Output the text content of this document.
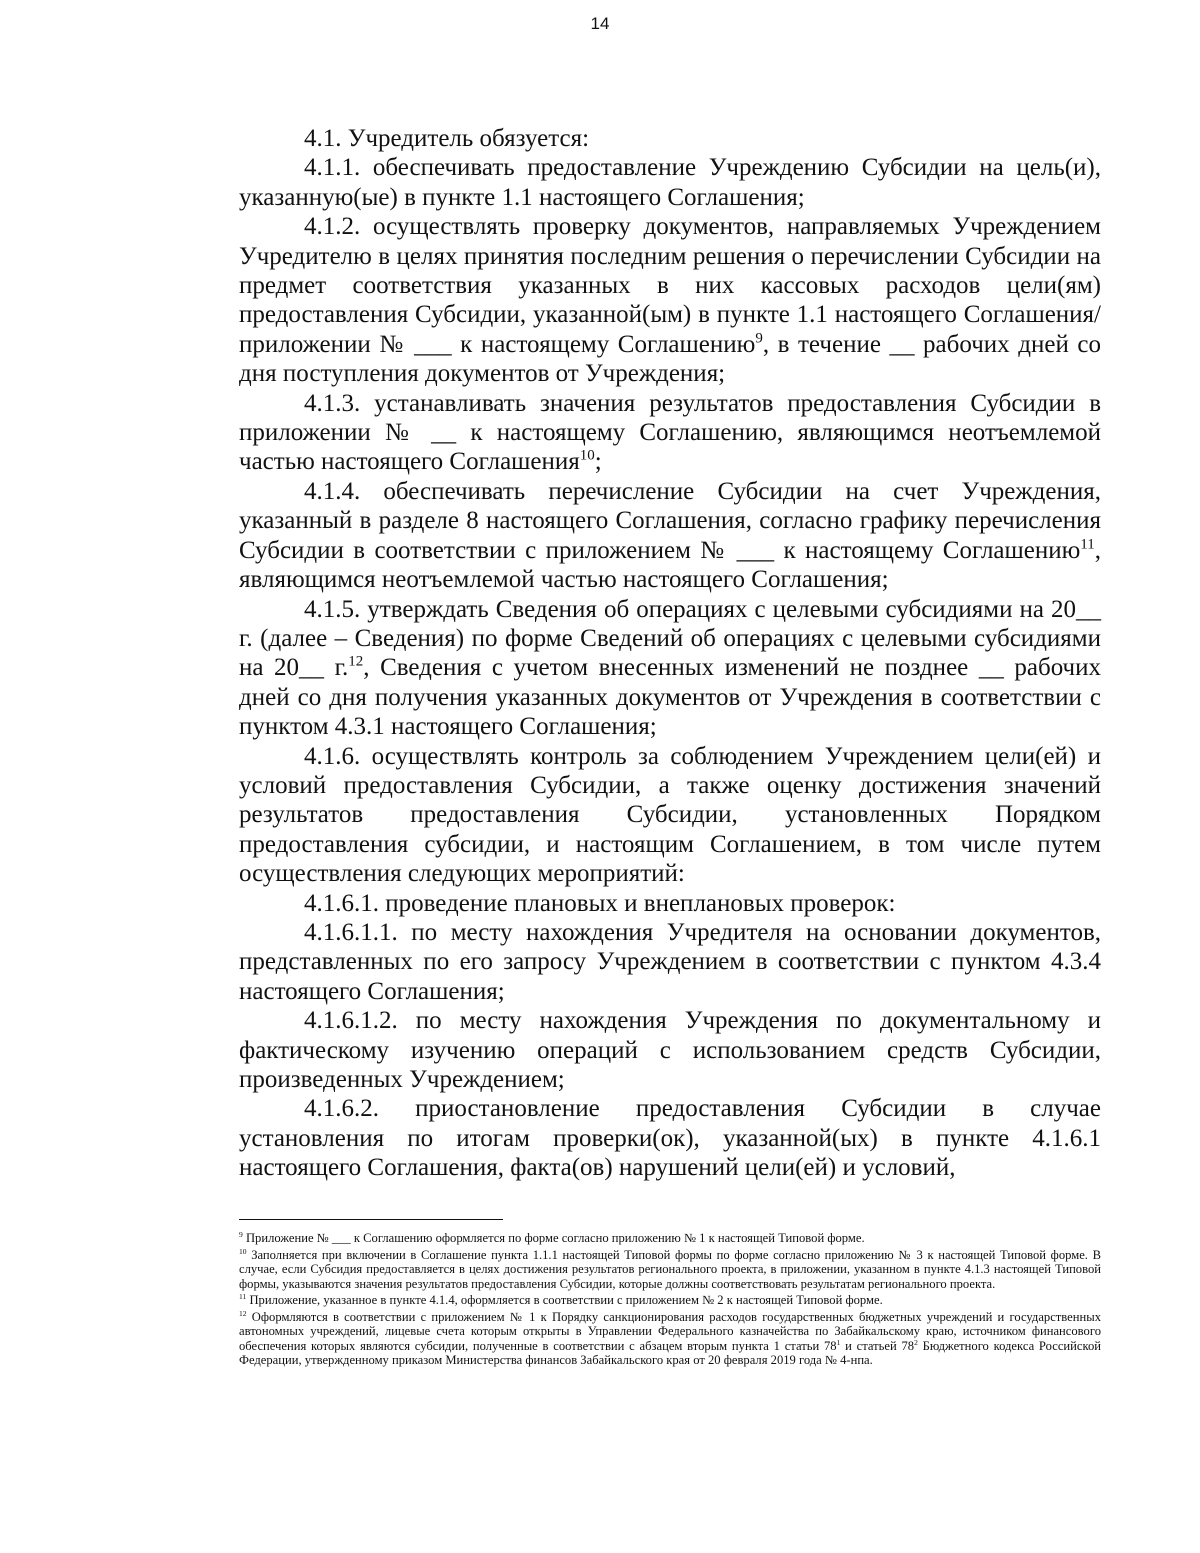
14

4.1. Учредитель обязуется:

4.1.1. обеспечивать предоставление Учреждению Субсидии на цель(и), указанную(ые) в пункте 1.1 настоящего Соглашения;

4.1.2. осуществлять проверку документов, направляемых Учреждением Учредителю в целях принятия последним решения о перечислении Субсидии на предмет соответствия указанных в них кассовых расходов цели(ям) предоставления Субсидии, указанной(ым) в пункте 1.1 настоящего Соглашения/приложении № ___ к настоящему Соглашению$^9$, в течение __ рабочих дней со дня поступления документов от Учреждения;

4.1.3. устанавливать значения результатов предоставления Субсидии в приложении № __ к настоящему Соглашению, являющимся неотъемлемой частью настоящего Соглашения$^{10}$;

4.1.4. обеспечивать перечисление Субсидии на счет Учреждения, указанный в разделе 8 настоящего Соглашения, согласно графику перечисления Субсидии в соответствии с приложением № ___ к настоящему Соглашению$^{11}$, являющимся неотъемлемой частью настоящего Соглашения;

4.1.5. утверждать Сведения об операциях с целевыми субсидиями на 20__ г. (далее – Сведения) по форме Сведений об операциях с целевыми субсидиями на 20__ г.$^{12}$, Сведения с учетом внесенных изменений не позднее __ рабочих дней со дня получения указанных документов от Учреждения в соответствии с пунктом 4.3.1 настоящего Соглашения;

4.1.6. осуществлять контроль за соблюдением Учреждением цели(ей) и условий предоставления Субсидии, а также оценку достижения значений результатов предоставления Субсидии, установленных Порядком предоставления субсидии, и настоящим Соглашением, в том числе путем осуществления следующих мероприятий:

4.1.6.1. проведение плановых и внеплановых проверок:

4.1.6.1.1. по месту нахождения Учредителя на основании документов, представленных по его запросу Учреждением в соответствии с пунктом 4.3.4 настоящего Соглашения;

4.1.6.1.2. по месту нахождения Учреждения по документальному и фактическому изучению операций с использованием средств Субсидии, произведенных Учреждением;

4.1.6.2. приостановление предоставления Субсидии в случае установления по итогам проверки(ок), указанной(ых) в пункте 4.1.6.1 настоящего Соглашения, факта(ов) нарушений цели(ей) и условий,

$^9$ Приложение № ___ к Соглашению оформляется по форме согласно приложению № 1 к настоящей Типовой форме.

$^{10}$ Заполняется при включении в Соглашение пункта 1.1.1 настоящей Типовой формы по форме согласно приложению № 3 к настоящей Типовой форме. В случае, если Субсидия предоставляется в целях достижения результатов регионального проекта, в приложении, указанном в пункте 4.1.3 настоящей Типовой формы, указываются значения результатов предоставления Субсидии, которые должны соответствовать результатам регионального проекта.

$^{11}$ Приложение, указанное в пункте 4.1.4, оформляется в соответствии с приложением № 2 к настоящей Типовой форме.

$^{12}$ Оформляются в соответствии с приложением № 1 к Порядку санкционирования расходов государственных бюджетных учреждений и государственных автономных учреждений, лицевые счета которым открыты в Управлении Федерального казначейства по Забайкальскому краю, источником финансового обеспечения которых являются субсидии, полученные в соответствии с абзацем вторым пункта 1 статьи $78^1$ и статьей $78^2$ Бюджетного кодекса Российской Федерации, утвержденному приказом Министерства финансов Забайкальского края от 20 февраля 2019 года № 4-нпа.
